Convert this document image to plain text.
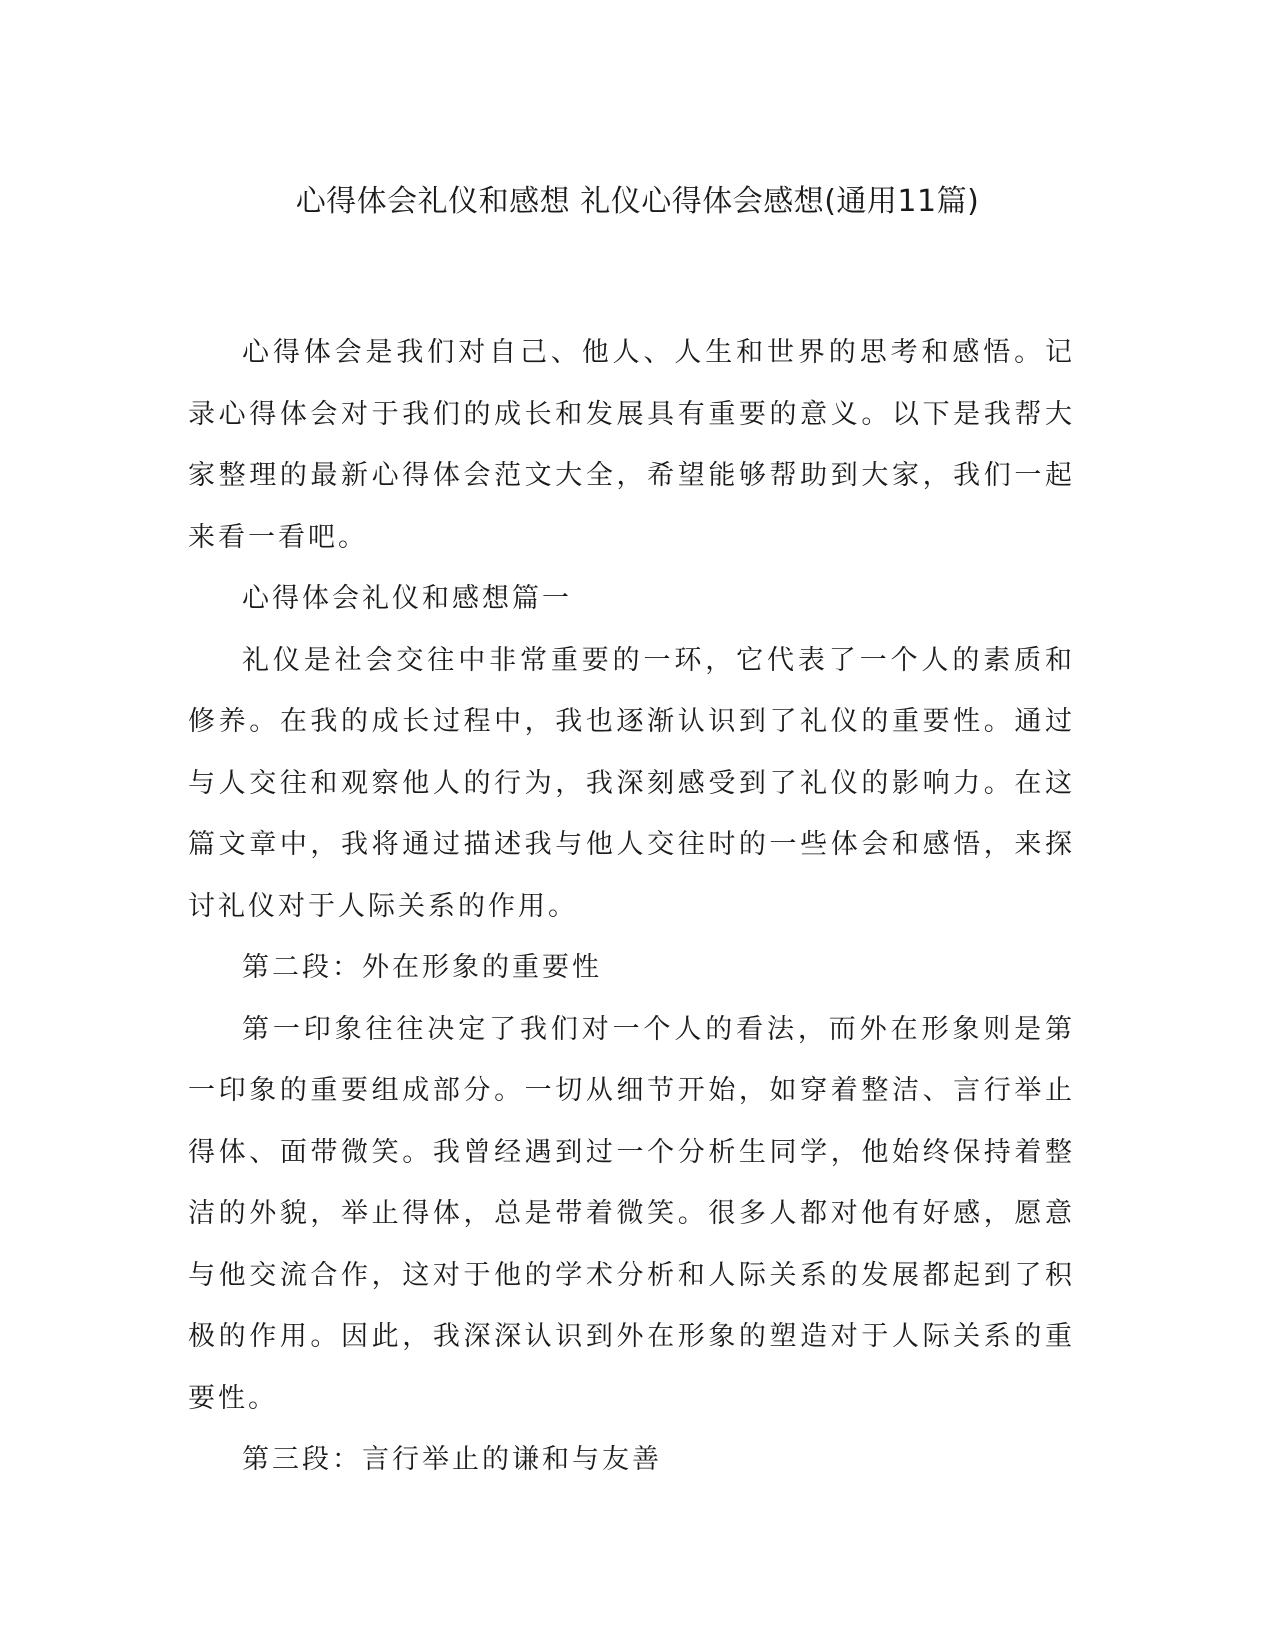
心得体会礼仪和感想 礼仪心得体会感想(通用11篇)

心得体会是我们对自己、他人、人生和世界的思考和感悟。记录心得体会对于我们的成长和发展具有重要的意义。以下是我帮大家整理的最新心得体会范文大全，希望能够帮助到大家，我们一起来看一看吧。

心得体会礼仪和感想篇一

礼仪是社会交往中非常重要的一环，它代表了一个人的素质和修养。在我的成长过程中，我也逐渐认识到了礼仪的重要性。通过与人交往和观察他人的行为，我深刻感受到了礼仪的影响力。在这篇文章中，我将通过描述我与他人交往时的一些体会和感悟，来探讨礼仪对于人际关系的作用。

第二段：外在形象的重要性

第一印象往往决定了我们对一个人的看法，而外在形象则是第一印象的重要组成部分。一切从细节开始，如穿着整洁、言行举止得体、面带微笑。我曾经遇到过一个分析生同学，他始终保持着整洁的外貌，举止得体，总是带着微笑。很多人都对他有好感，愿意与他交流合作，这对于他的学术分析和人际关系的发展都起到了积极的作用。因此，我深深认识到外在形象的塑造对于人际关系的重要性。

第三段：言行举止的谦和与友善
